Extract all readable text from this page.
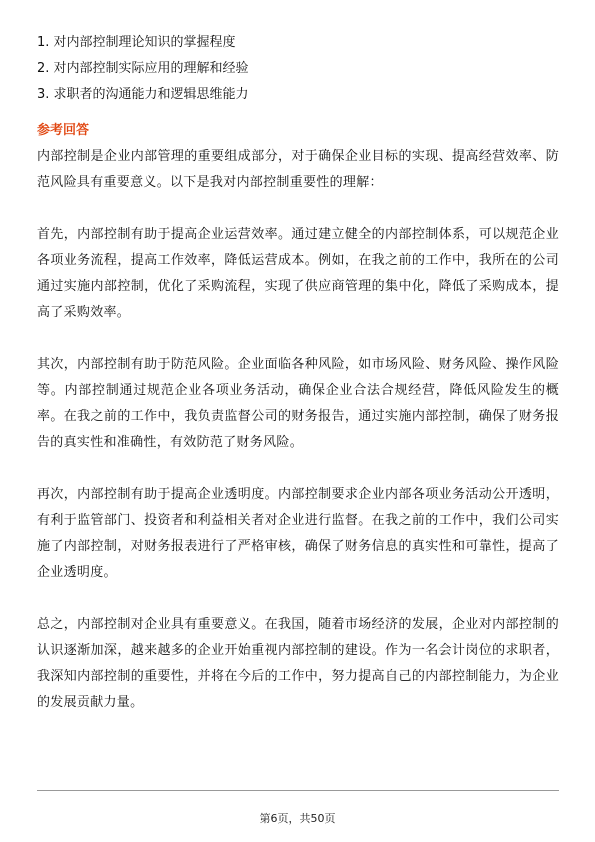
1. 对内部控制理论知识的掌握程度
2. 对内部控制实际应用的理解和经验
3. 求职者的沟通能力和逻辑思维能力
参考回答

内部控制是企业内部管理的重要组成部分，对于确保企业目标的实现、提高经营效率、防范风险具有重要意义。以下是我对内部控制重要性的理解：

首先，内部控制有助于提高企业运营效率。通过建立健全的内部控制体系，可以规范企业各项业务流程，提高工作效率，降低运营成本。例如，在我之前的工作中，我所在的公司通过实施内部控制，优化了采购流程，实现了供应商管理的集中化，降低了采购成本，提高了采购效率。

其次，内部控制有助于防范风险。企业面临各种风险，如市场风险、财务风险、操作风险等。内部控制通过规范企业各项业务活动，确保企业合法合规经营，降低风险发生的概率。在我之前的工作中，我负责监督公司的财务报告，通过实施内部控制，确保了财务报告的真实性和准确性，有效防范了财务风险。

再次，内部控制有助于提高企业透明度。内部控制要求企业内部各项业务活动公开透明，有利于监管部门、投资者和利益相关者对企业进行监督。在我之前的工作中，我们公司实施了内部控制，对财务报表进行了严格审核，确保了财务信息的真实性和可靠性，提高了企业透明度。

总之，内部控制对企业具有重要意义。在我国，随着市场经济的发展，企业对内部控制的认识逐渐加深，越来越多的企业开始重视内部控制的建设。作为一名会计岗位的求职者，我深知内部控制的重要性，并将在今后的工作中，努力提高自己的内部控制能力，为企业的发展贡献力量。

第6页，共50页
